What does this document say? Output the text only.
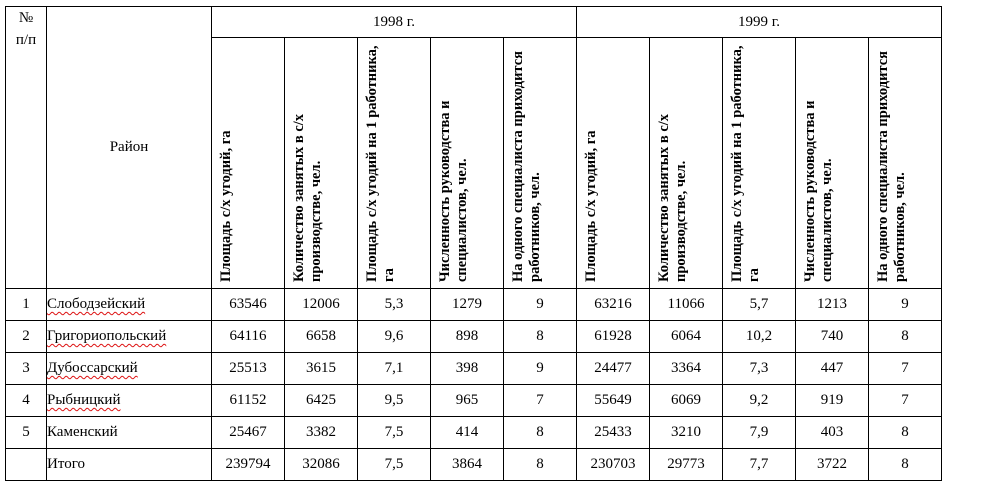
№
п/п	Район	1998 г.					1999 г.				

		Площадь с/х угодий, га	Количество занятых в с/х производстве, чел.	Площадь с/х угодий на 1 работника, га	Численность руководства и специалистов, чел.	На одного специалиста приходится работников, чел.	Площадь с/х угодий, га	Количество занятых в с/х производстве, чел.	Площадь с/х угодий на 1 работника, га	Численность руководства и специалистов, чел.	На одного специалиста приходится работников, чел.

1	Слободзейский	63546	12006	5,3	1279	9	63216	11066	5,7	1213	9
2	Григориопольский	64116	6658	9,6	898	8	61928	6064	10,2	740	8
3	Дубоссарский	25513	3615	7,1	398	9	24477	3364	7,3	447	7
4	Рыбницкий	61152	6425	9,5	965	7	55649	6069	9,2	919	7
5	Каменский	25467	3382	7,5	414	8	25433	3210	7,9	403	8
	Итого	239794	32086	7,5	3864	8	230703	29773	7,7	3722	8
